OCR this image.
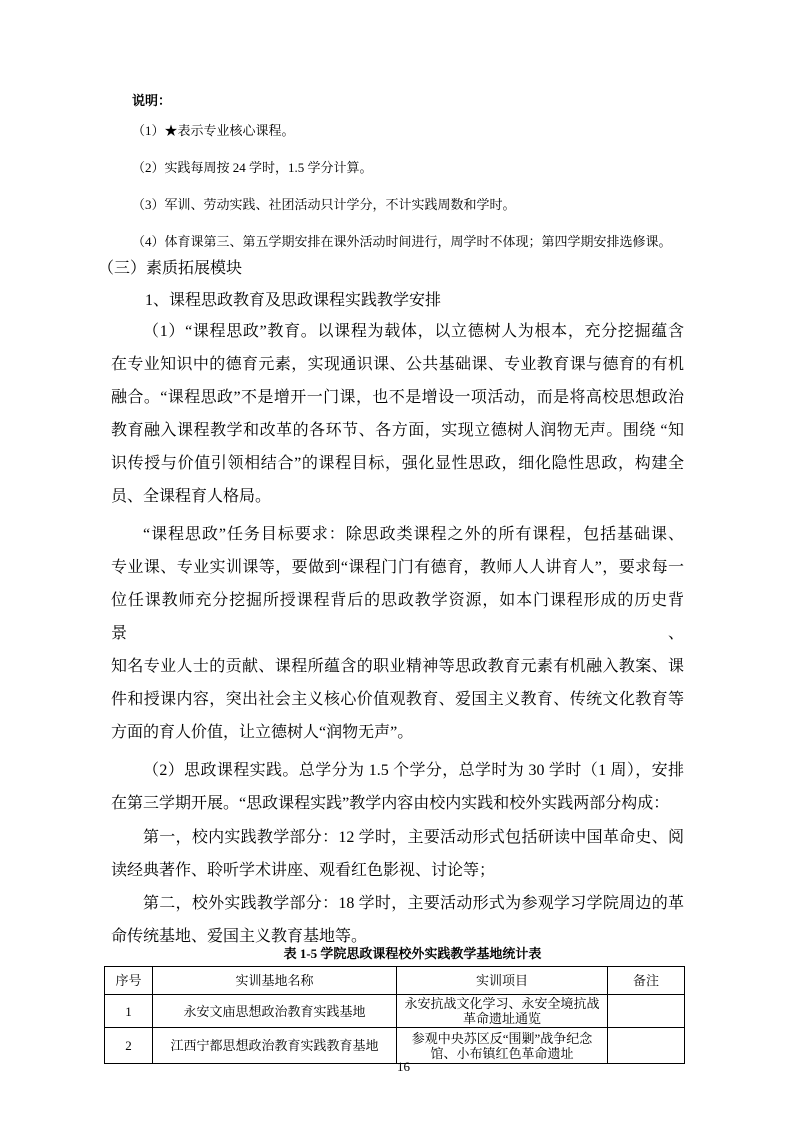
说明：
（1）★表示专业核心课程。
（2）实践每周按 24 学时，1.5 学分计算。
（3）军训、劳动实践、社团活动只计学分，不计实践周数和学时。
（4）体育课第三、第五学期安排在课外活动时间进行，周学时不体现；第四学期安排选修课。
（三）素质拓展模块
1、课程思政教育及思政课程实践教学安排
（1）“课程思政”教育。以课程为载体，以立德树人为根本，充分挖掘蕴含
在专业知识中的德育元素，实现通识课、公共基础课、专业教育课与德育的有机
融合。“课程思政”不是增开一门课，也不是增设一项活动，而是将高校思想政治
教育融入课程教学和改革的各环节、各方面，实现立德树人润物无声。围绕 “知
识传授与价值引领相结合”的课程目标，强化显性思政，细化隐性思政，构建全
员、全课程育人格局。
“课程思政”任务目标要求：除思政类课程之外的所有课程，包括基础课、
专业课、专业实训课等，要做到“课程门门有德育，教师人人讲育人”，要求每一
位任课教师充分挖掘所授课程背后的思政教学资源，如本门课程形成的历史背景、
知名专业人士的贡献、课程所蕴含的职业精神等思政教育元素有机融入教案、课
件和授课内容，突出社会主义核心价值观教育、爱国主义教育、传统文化教育等
方面的育人价值，让立德树人“润物无声”。
（2）思政课程实践。总学分为 1.5 个学分，总学时为 30 学时（1 周），安排
在第三学期开展。“思政课程实践”教学内容由校内实践和校外实践两部分构成：
第一，校内实践教学部分：12 学时，主要活动形式包括研读中国革命史、阅
读经典著作、聆听学术讲座、观看红色影视、讨论等；
第二，校外实践教学部分：18 学时，主要活动形式为参观学习学院周边的革
命传统基地、爱国主义教育基地等。
表 1-5 学院思政课程校外实践教学基地统计表
序号	实训基地名称	实训项目	备注
1	永安文庙思想政治教育实践基地	永安抗战文化学习、永安全境抗战革命遗址通览	
2	江西宁都思想政治教育实践教育基地	参观中央苏区反“围剿”战争纪念馆、小布镇红色革命遗址	
16
